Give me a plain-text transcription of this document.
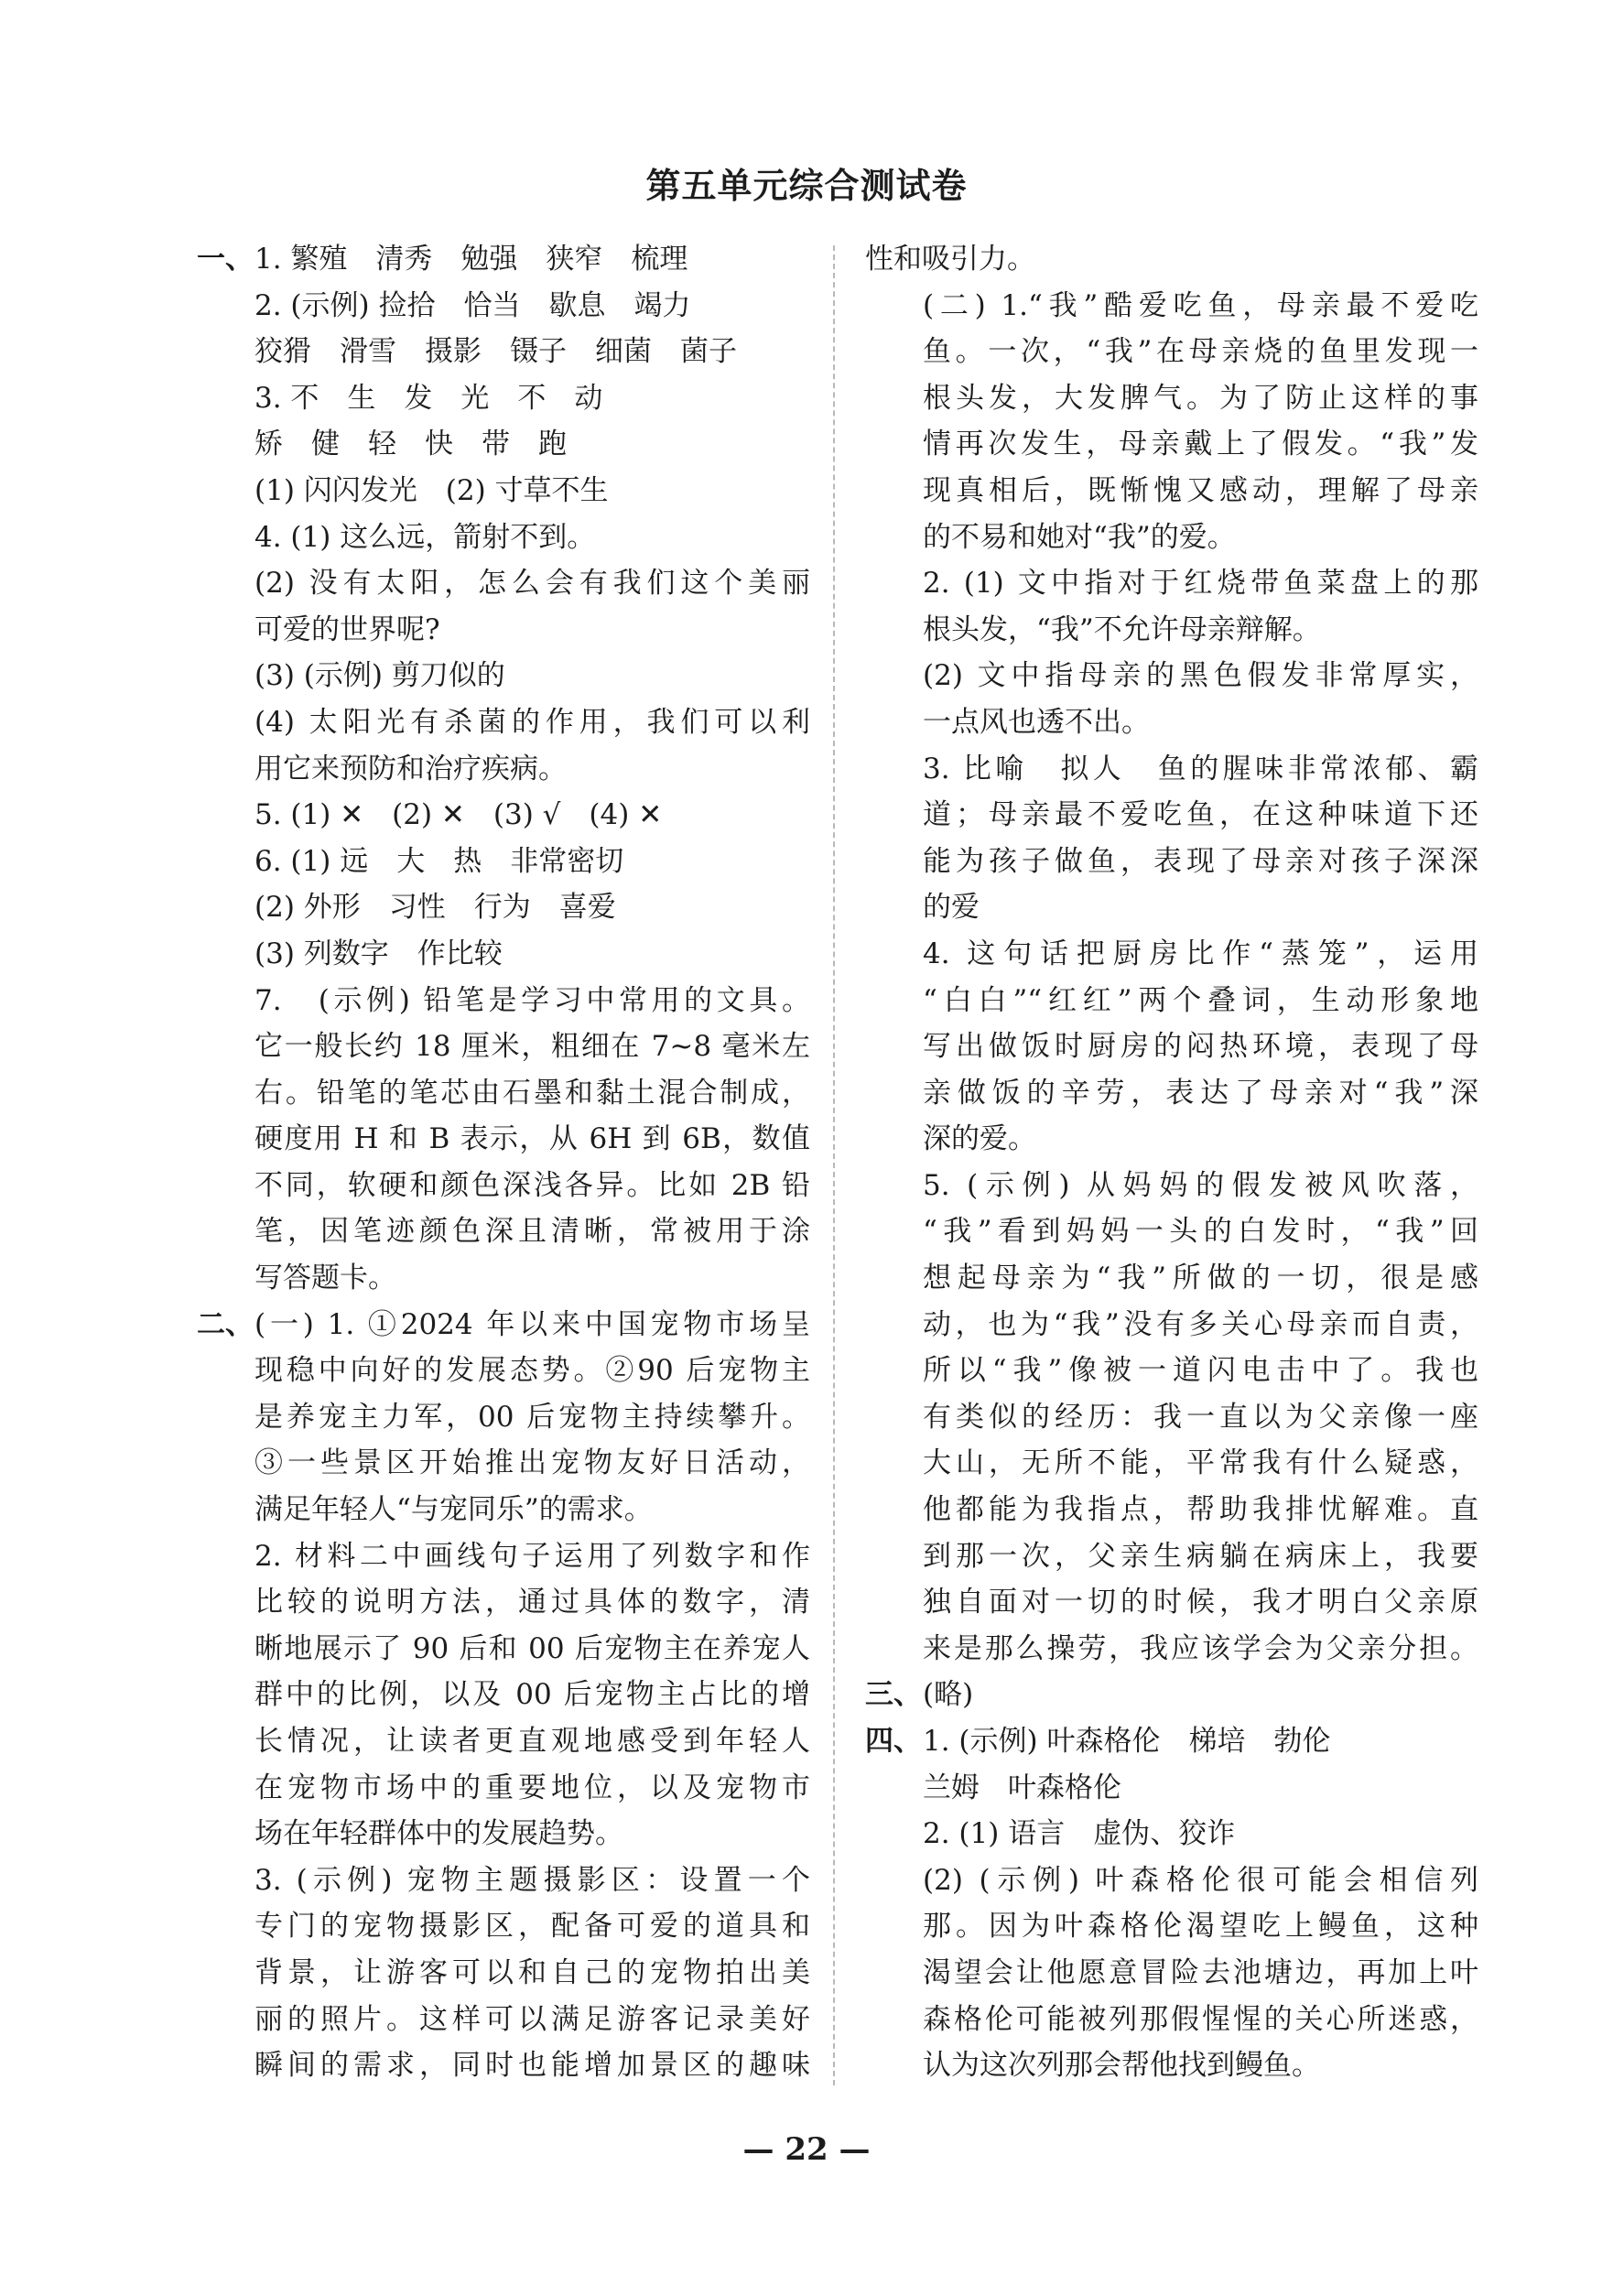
第五单元综合测试卷
一、 1. 繁殖　清秀　勉强　狭窄　梳理
2. (示例) 捡拾　恰当　歇息　竭力
狡猾　滑雪　摄影　镊子　细菌　菌子
3. 不　生　发　光　不　动
矫　健　轻　快　带　跑
(1) 闪闪发光　(2) 寸草不生
4. (1) 这么远，箭射不到。
(2) 没有太阳，怎么会有我们这个美丽
可爱的世界呢?
(3) (示例) 剪刀似的
(4) 太阳光有杀菌的作用，我们可以利
用它来预防和治疗疾病。
5. (1) ✕　(2) ✕　(3) √　(4) ✕
6. (1) 远　大　热　非常密切
(2) 外形　习性　行为　喜爱
(3) 列数字　作比较
7.　(示例) 铅笔是学习中常用的文具。
它一般长约 18 厘米，粗细在 7~8 毫米左
右。铅笔的笔芯由石墨和黏土混合制成，
硬度用 H 和 B 表示，从 6H 到 6B，数值
不同，软硬和颜色深浅各异。比如 2B 铅
笔，因笔迹颜色深且清晰，常被用于涂
写答题卡。
二、 (一) 1. ①2024 年以来中国宠物市场呈
现稳中向好的发展态势。②90 后宠物主
是养宠主力军，00 后宠物主持续攀升。
③一些景区开始推出宠物友好日活动，
满足年轻人“与宠同乐”的需求。
2. 材料二中画线句子运用了列数字和作
比较的说明方法，通过具体的数字，清
晰地展示了 90 后和 00 后宠物主在养宠人
群中的比例，以及 00 后宠物主占比的增
长情况，让读者更直观地感受到年轻人
在宠物市场中的重要地位，以及宠物市
场在年轻群体中的发展趋势。
3. (示例) 宠物主题摄影区：设置一个
专门的宠物摄影区，配备可爱的道具和
背景，让游客可以和自己的宠物拍出美
丽的照片。这样可以满足游客记录美好
瞬间的需求，同时也能增加景区的趣味
性和吸引力。
(二) 1.“我”酷爱吃鱼，母亲最不爱吃
鱼。一次，“我”在母亲烧的鱼里发现一
根头发，大发脾气。为了防止这样的事
情再次发生，母亲戴上了假发。“我”发
现真相后，既惭愧又感动，理解了母亲
的不易和她对“我”的爱。
2. (1) 文中指对于红烧带鱼菜盘上的那
根头发，“我”不允许母亲辩解。
(2) 文中指母亲的黑色假发非常厚实，
一点风也透不出。
3. 比喻　拟人　鱼的腥味非常浓郁、霸
道；母亲最不爱吃鱼，在这种味道下还
能为孩子做鱼，表现了母亲对孩子深深
的爱
4. 这句话把厨房比作“蒸笼”，运用
“白白”“红红”两个叠词，生动形象地
写出做饭时厨房的闷热环境，表现了母
亲做饭的辛劳，表达了母亲对“我”深
深的爱。
5. (示例) 从妈妈的假发被风吹落，
“我”看到妈妈一头的白发时，“我”回
想起母亲为“我”所做的一切，很是感
动，也为“我”没有多关心母亲而自责，
所以“我”像被一道闪电击中了。我也
有类似的经历：我一直以为父亲像一座
大山，无所不能，平常我有什么疑惑，
他都能为我指点，帮助我排忧解难。直
到那一次，父亲生病躺在病床上，我要
独自面对一切的时候，我才明白父亲原
来是那么操劳，我应该学会为父亲分担。
三、 (略)
四、 1. (示例) 叶森格伦　梯培　勃伦
兰姆　叶森格伦
2. (1) 语言　虚伪、狡诈
(2) (示例) 叶森格伦很可能会相信列
那。因为叶森格伦渴望吃上鳗鱼，这种
渴望会让他愿意冒险去池塘边，再加上叶
森格伦可能被列那假惺惺的关心所迷惑，
认为这次列那会帮他找到鳗鱼。
— 22 —
